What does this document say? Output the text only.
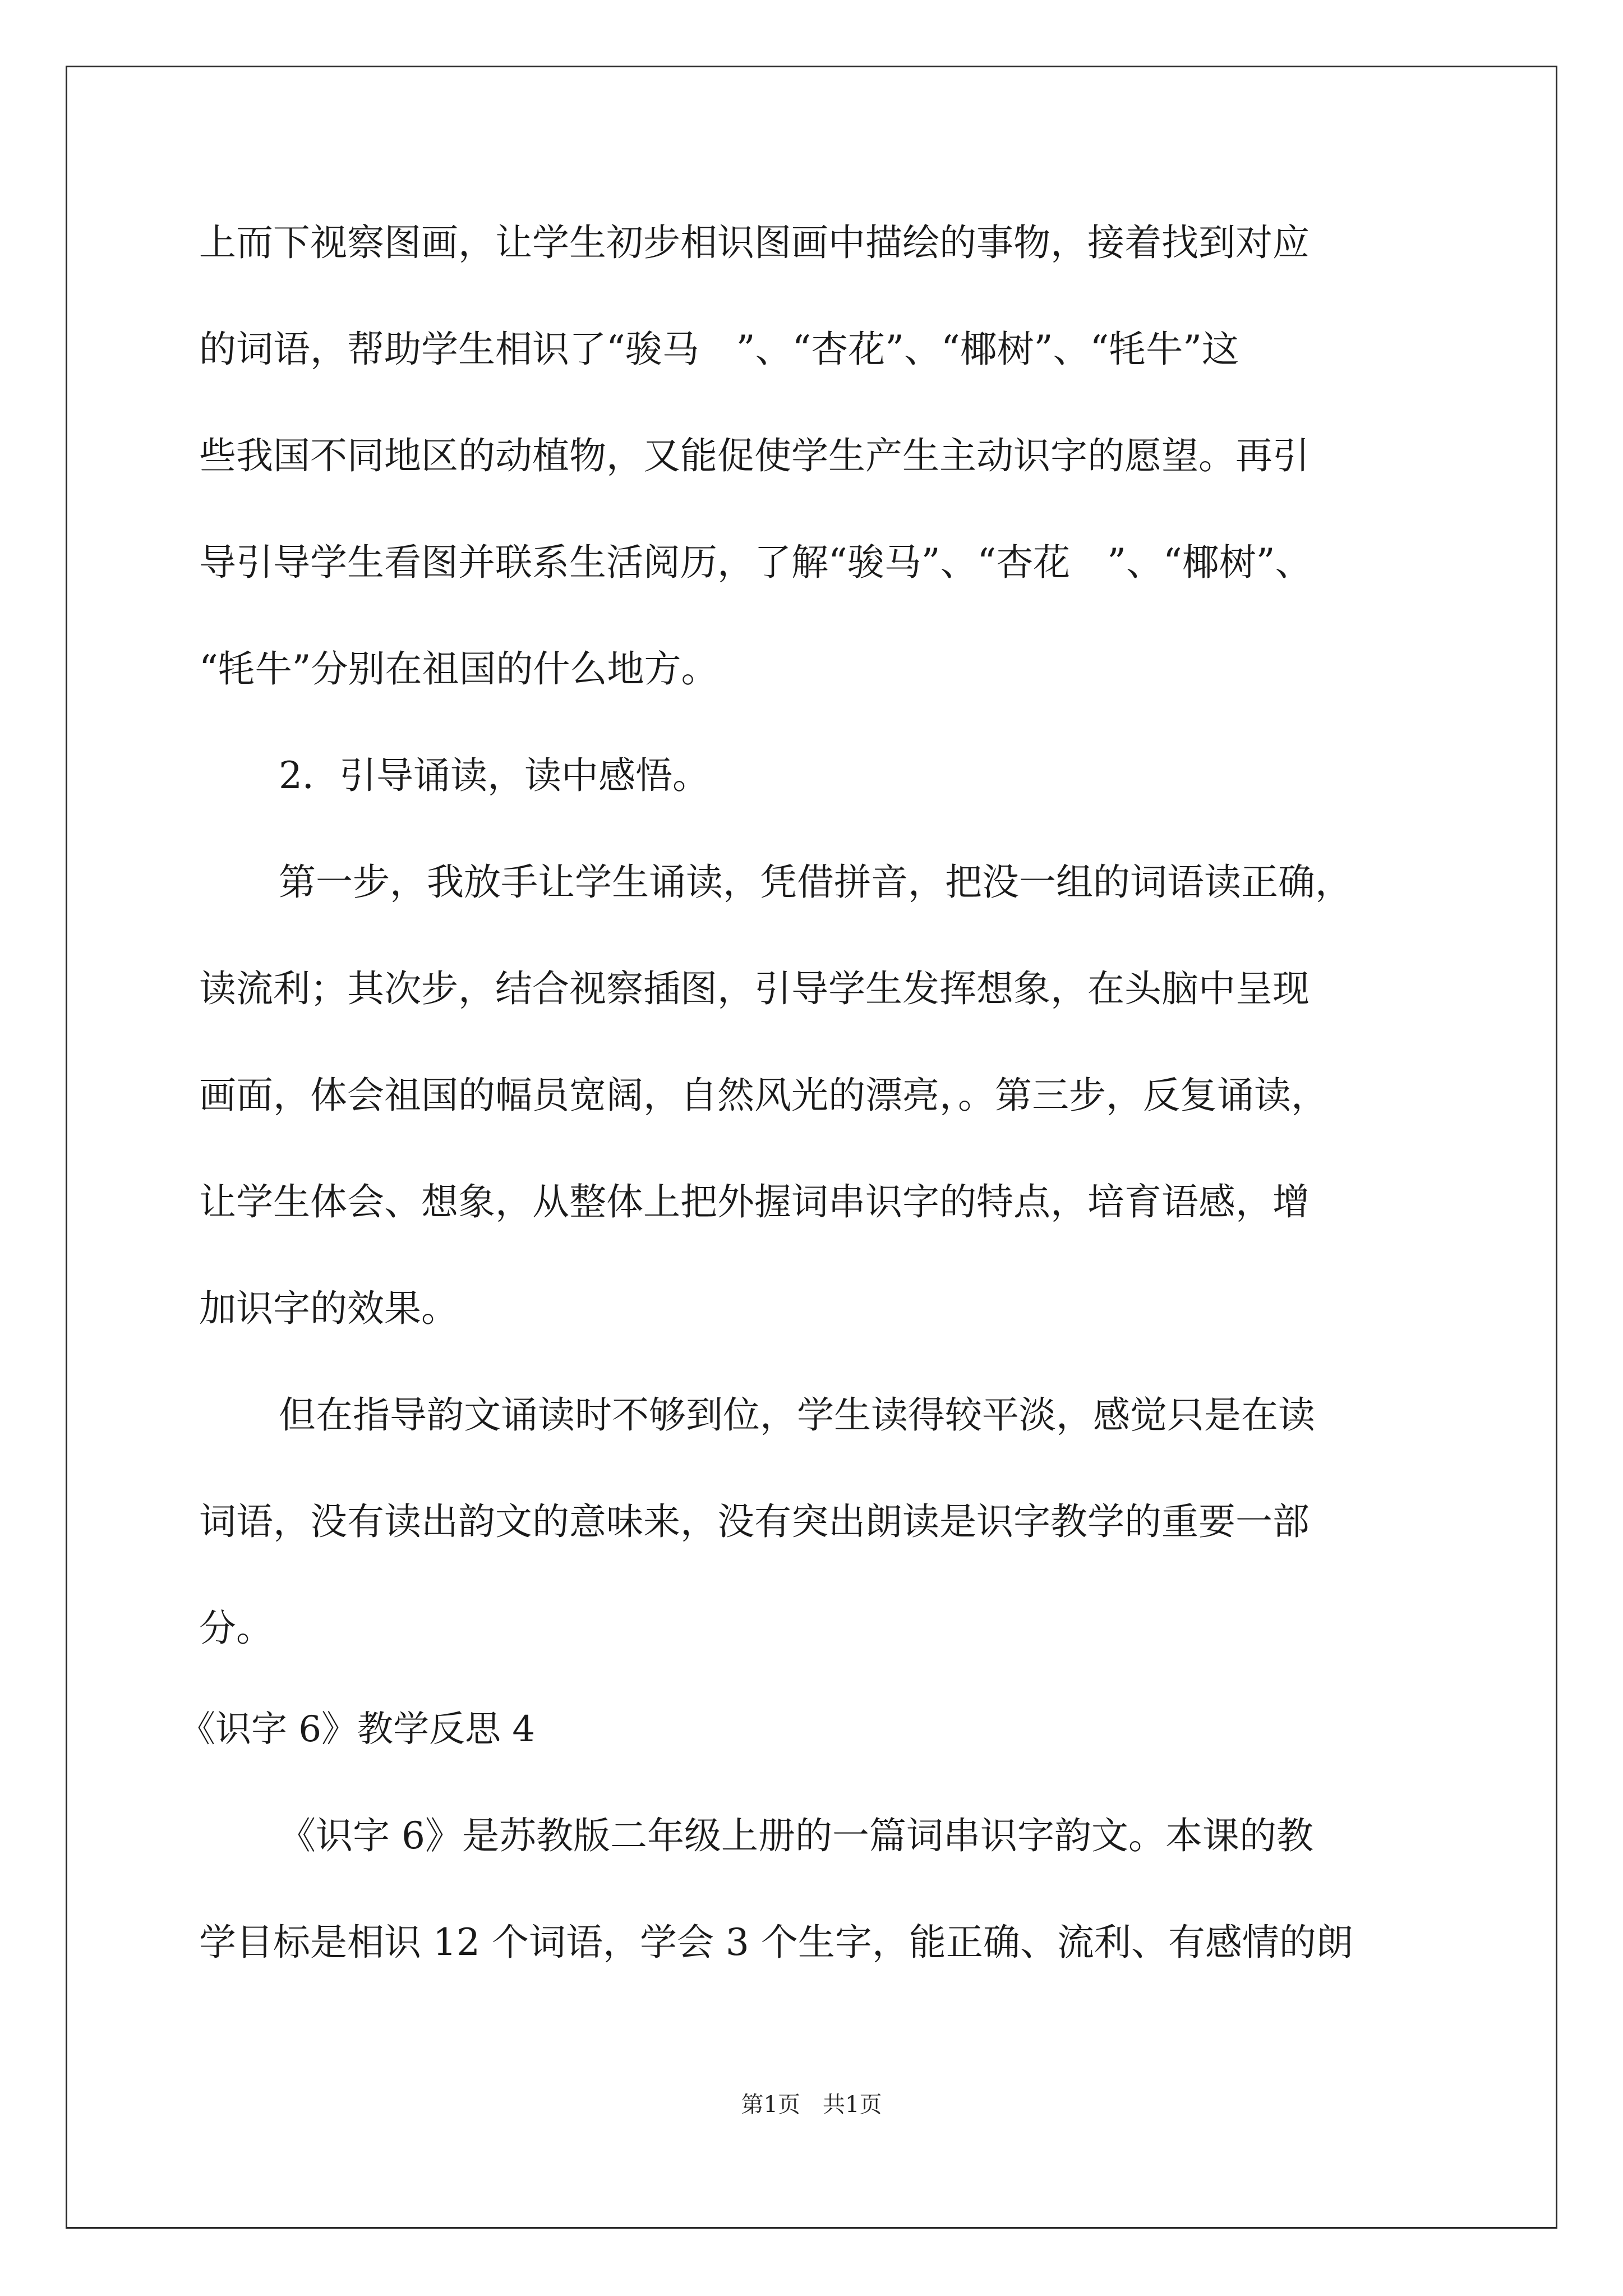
上而下视察图画，让学生初步相识图画中描绘的事物，接着找到对应
的词语，帮助学生相识了“骏马　”、“杏花”、“椰树”、“牦牛”这
些我国不同地区的动植物，又能促使学生产生主动识字的愿望。再引
导引导学生看图并联系生活阅历，了解“骏马”、“杏花　”、“椰树”、
“牦牛”分别在祖国的什么地方。
2．引导诵读，读中感悟。
第一步，我放手让学生诵读，凭借拼音，把没一组的词语读正确，
读流利；其次步，结合视察插图，引导学生发挥想象，在头脑中呈现
画面，体会祖国的幅员宽阔，自然风光的漂亮，。第三步，反复诵读，
让学生体会、想象，从整体上把外握词串识字的特点，培育语感，增
加识字的效果。
但在指导韵文诵读时不够到位，学生读得较平淡，感觉只是在读
词语，没有读出韵文的意味来，没有突出朗读是识字教学的重要一部
分。
《识字 6》教学反思 4
《识字 6》是苏教版二年级上册的一篇词串识字韵文。本课的教
学目标是相识 12 个词语，学会 3 个生字，能正确、流利、有感情的朗
第1页　共1页
